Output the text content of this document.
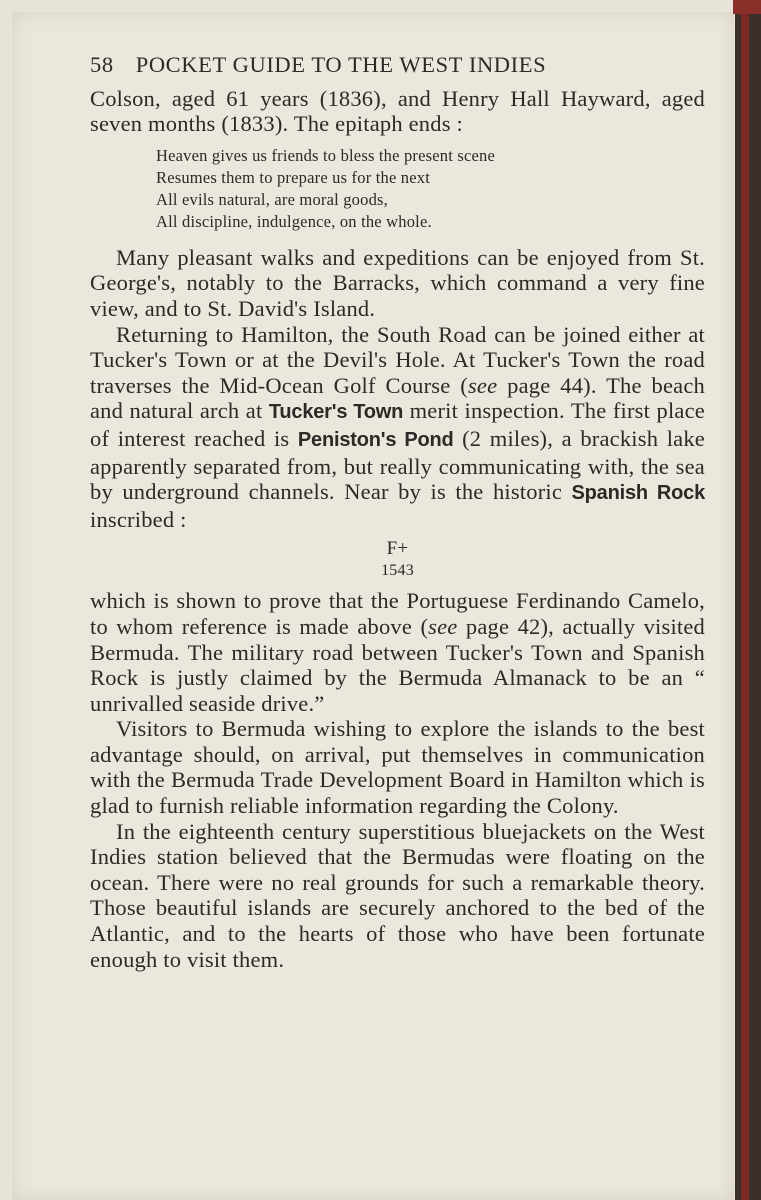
58 POCKET GUIDE TO THE WEST INDIES

Colson, aged 61 years (1836), and Henry Hall Hayward, aged seven months (1833). The epitaph ends :

Heaven gives us friends to bless the present scene
Resumes them to prepare us for the next
All evils natural, are moral goods,
All discipline, indulgence, on the whole.

Many pleasant walks and expeditions can be enjoyed from St. George's, notably to the Barracks, which command a very fine view, and to St. David's Island.

Returning to Hamilton, the South Road can be joined either at Tucker's Town or at the Devil's Hole. At Tucker's Town the road traverses the Mid-Ocean Golf Course (see page 44). The beach and natural arch at Tucker's Town merit inspection. The first place of interest reached is Peniston's Pond (2 miles), a brackish lake apparently separated from, but really communicating with, the sea by underground channels. Near by is the historic Spanish Rock inscribed :

F+
1543

which is shown to prove that the Portuguese Ferdinando Camelo, to whom reference is made above (see page 42), actually visited Bermuda. The military road between Tucker's Town and Spanish Rock is justly claimed by the Bermuda Almanack to be an “ unrivalled seaside drive.”

Visitors to Bermuda wishing to explore the islands to the best advantage should, on arrival, put themselves in communication with the Bermuda Trade Development Board in Hamilton which is glad to furnish reliable information regarding the Colony.

In the eighteenth century superstitious bluejackets on the West Indies station believed that the Bermudas were floating on the ocean. There were no real grounds for such a remarkable theory. Those beautiful islands are securely anchored to the bed of the Atlantic, and to the hearts of those who have been fortunate enough to visit them.
